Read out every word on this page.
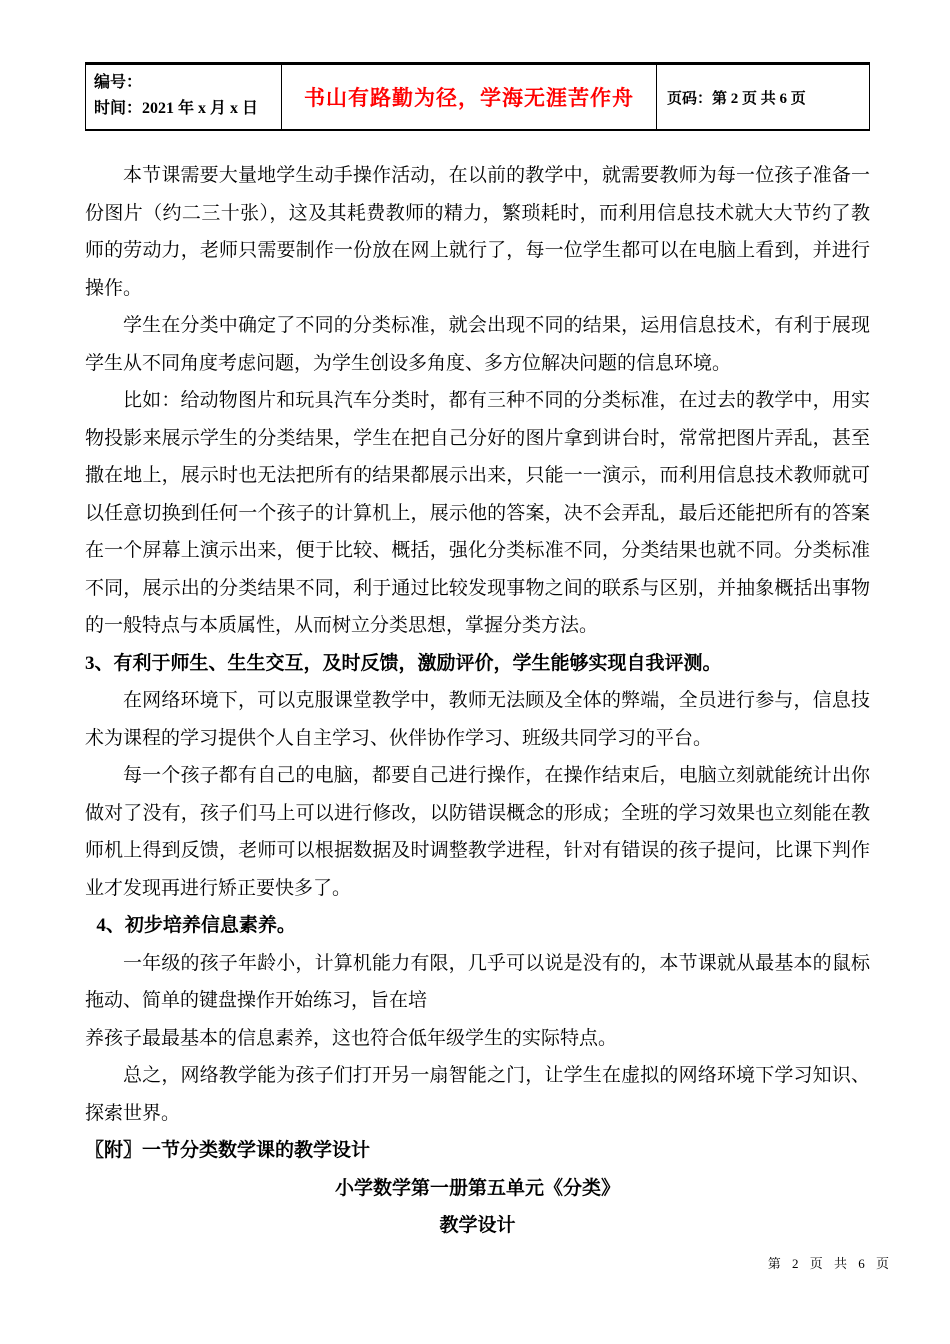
编号：
时间：2021 年 x 月 x 日	书山有路勤为径，学海无涯苦作舟 页码：第 2 页 共 6 页

本节课需要大量地学生动手操作活动，在以前的教学中，就需要教师为每一位孩子准备一份图片（约二三十张），这及其耗费教师的精力，繁琐耗时，而利用信息技术就大大节约了教师的劳动力，老师只需要制作一份放在网上就行了，每一位学生都可以在电脑上看到，并进行操作。

学生在分类中确定了不同的分类标准，就会出现不同的结果，运用信息技术，有利于展现学生从不同角度考虑问题，为学生创设多角度、多方位解决问题的信息环境。

比如：给动物图片和玩具汽车分类时，都有三种不同的分类标准，在过去的教学中，用实物投影来展示学生的分类结果，学生在把自己分好的图片拿到讲台时，常常把图片弄乱，甚至撒在地上，展示时也无法把所有的结果都展示出来，只能一一演示，而利用信息技术教师就可以任意切换到任何一个孩子的计算机上，展示他的答案，决不会弄乱，最后还能把所有的答案在一个屏幕上演示出来，便于比较、概括，强化分类标准不同，分类结果也就不同。分类标准不同，展示出的分类结果不同，利于通过比较发现事物之间的联系与区别，并抽象概括出事物的一般特点与本质属性，从而树立分类思想，掌握分类方法。

3、有利于师生、生生交互，及时反馈，激励评价，学生能够实现自我评测。

在网络环境下，可以克服课堂教学中，教师无法顾及全体的弊端，全员进行参与，信息技术为课程的学习提供个人自主学习、伙伴协作学习、班级共同学习的平台。

每一个孩子都有自己的电脑，都要自己进行操作，在操作结束后，电脑立刻就能统计出你做对了没有，孩子们马上可以进行修改，以防错误概念的形成；全班的学习效果也立刻能在教师机上得到反馈，老师可以根据数据及时调整教学进程，针对有错误的孩子提问，比课下判作业才发现再进行矫正要快多了。

4、初步培养信息素养。

一年级的孩子年龄小，计算机能力有限，几乎可以说是没有的，本节课就从最基本的鼠标拖动、简单的键盘操作开始练习，旨在培

养孩子最最基本的信息素养，这也符合低年级学生的实际特点。

总之，网络教学能为孩子们打开另一扇智能之门，让学生在虚拟的网络环境下学习知识、探索世界。

〖附〗一节分类数学课的教学设计

小学数学第一册第五单元《分类》

教学设计

第 2 页 共 6 页
